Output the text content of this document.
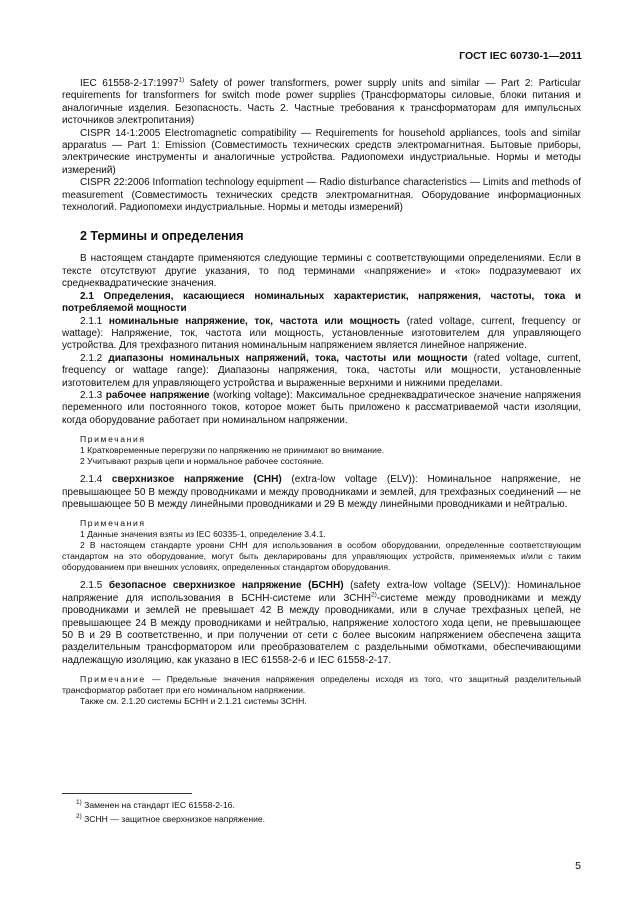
ГОСТ IEC 60730-1—2011

IEC 61558-2-17:1997$^{1)}$ Safety of power transformers, power supply units and similar — Part 2: Particular requirements for transformers for switch mode power supplies (Трансформаторы силовые, блоки питания и аналогичные изделия. Безопасность. Часть 2. Частные требования к трансформаторам для импульсных источников электропитания)

CISPR 14-1:2005 Electromagnetic compatibility — Requirements for household appliances, tools and similar apparatus — Part 1: Emission (Совместимость технических средств электромагнитная. Бытовые приборы, электрические инструменты и аналогичные устройства. Радиопомехи индустриальные. Нормы и методы измерений)

CISPR 22:2006 Information technology equipment — Radio disturbance characteristics — Limits and methods of measurement (Совместимость технических средств электромагнитная. Оборудование информационных технологий. Радиопомехи индустриальные. Нормы и методы измерений)

2 Термины и определения

В настоящем стандарте применяются следующие термины с соответствующими определениями. Если в тексте отсутствуют другие указания, то под терминами «напряжение» и «ток» подразумевают их среднеквадратические значения.

2.1 Определения, касающиеся номинальных характеристик, напряжения, частоты, тока и потребляемой мощности

2.1.1 номинальные напряжение, ток, частота или мощность (rated voltage, current, frequency or wattage): Напряжение, ток, частота или мощность, установленные изготовителем для управляющего устройства. Для трехфазного питания номинальным напряжением является линейное напряжение.

2.1.2 диапазоны номинальных напряжений, тока, частоты или мощности (rated voltage, current, frequency or wattage range): Диапазоны напряжения, тока, частоты или мощности, установленные изготовителем для управляющего устройства и выраженные верхними и нижними пределами.

2.1.3 рабочее напряжение (working voltage): Максимальное среднеквадратическое значение напряжения переменного или постоянного токов, которое может быть приложено к рассматриваемой части изоляции, когда оборудование работает при номинальном напряжении.

Примечания

1 Кратковременные перегрузки по напряжению не принимают во внимание.

2 Учитывают разрыв цепи и нормальное рабочее состояние.

2.1.4 сверхнизкое напряжение (СНН) (extra-low voltage (ELV)): Номинальное напряжение, не превышающее 50 В между проводниками и между проводниками и землей, для трехфазных соединений — не превышающее 50 В между линейными проводниками и 29 В между линейными проводниками и нейтралью.

Примечания

1 Данные значения взяты из IEC 60335-1, определение 3.4.1.

2 В настоящем стандарте уровни СНН для использования в особом оборудовании, определенные соответствующим стандартом на это оборудование, могут быть декларированы для управляющих устройств, применяемых и/или с таким оборудованием при внешних условиях, определенных стандартом оборудования.

2.1.5 безопасное сверхнизкое напряжение (БСНН) (safety extra-low voltage (SELV)): Номинальное напряжение для использования в БСНН-системе или ЗСНН$^{2)}$-системе между проводниками и между проводниками и землей не превышает 42 В между проводниками, или в случае трехфазных цепей, не превышающее 24 В между проводниками и нейтралью, напряжение холостого хода цепи, не превышающее 50 В и 29 В соответственно, и при получении от сети с более высоким напряжением обеспечена защита разделительным трансформатором или преобразователем с раздельными обмотками, обеспечивающими надлежащую изоляцию, как указано в IEC 61558-2-6 и IEC 61558-2-17.

Примечание — Предельные значения напряжения определены исходя из того, что защитный разделительный трансформатор работает при его номинальном напряжении.

Также см. 2.1.20 системы БСНН и 2.1.21 системы ЗСНН.

$^{1)}$ Заменен на стандарт IEC 61558-2-16.
$^{2)}$ ЗСНН — защитное сверхнизкое напряжение.
5
